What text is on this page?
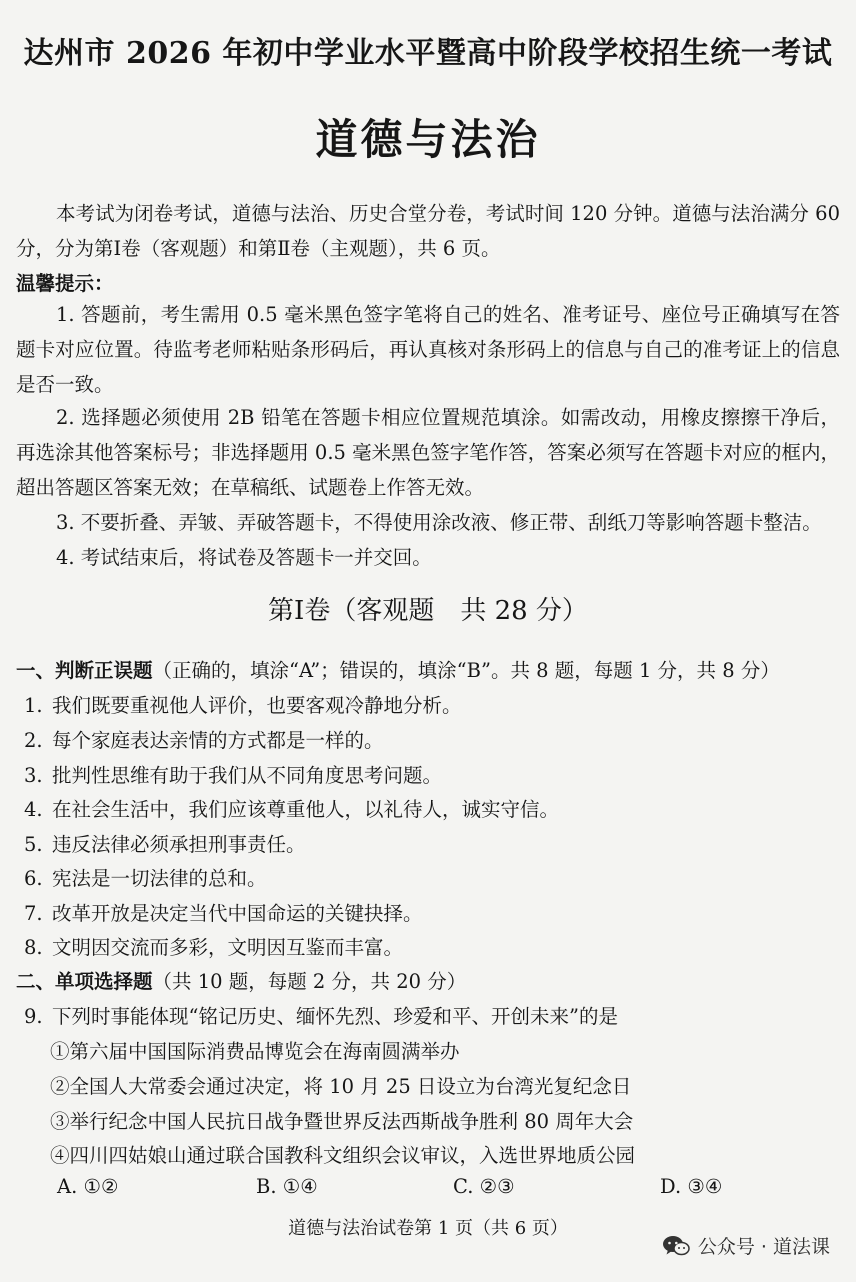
达州市 2026 年初中学业水平暨高中阶段学校招生统一考试
道德与法治
本考试为闭卷考试，道德与法治、历史合堂分卷，考试时间 120 分钟。道德与法治满分 60 分，分为第Ⅰ卷（客观题）和第Ⅱ卷（主观题），共 6 页。
温馨提示：
1. 答题前，考生需用 0.5 毫米黑色签字笔将自己的姓名、准考证号、座位号正确填写在答题卡对应位置。待监考老师粘贴条形码后，再认真核对条形码上的信息与自己的准考证上的信息是否一致。
2. 选择题必须使用 2B 铅笔在答题卡相应位置规范填涂。如需改动，用橡皮擦擦干净后，再选涂其他答案标号；非选择题用 0.5 毫米黑色签字笔作答，答案必须写在答题卡对应的框内，超出答题区答案无效；在草稿纸、试题卷上作答无效。
3. 不要折叠、弄皱、弄破答题卡，不得使用涂改液、修正带、刮纸刀等影响答题卡整洁。
4. 考试结束后，将试卷及答题卡一并交回。
第Ⅰ卷（客观题　共 28 分）
一、判断正误题（正确的，填涂“A”；错误的，填涂“B”。共 8 题，每题 1 分，共 8 分）
1. 我们既要重视他人评价，也要客观冷静地分析。
2. 每个家庭表达亲情的方式都是一样的。
3. 批判性思维有助于我们从不同角度思考问题。
4. 在社会生活中，我们应该尊重他人，以礼待人，诚实守信。
5. 违反法律必须承担刑事责任。
6. 宪法是一切法律的总和。
7. 改革开放是决定当代中国命运的关键抉择。
8. 文明因交流而多彩，文明因互鉴而丰富。
二、单项选择题（共 10 题，每题 2 分，共 20 分）
9. 下列时事能体现“铭记历史、缅怀先烈、珍爱和平、开创未来”的是
①第六届中国国际消费品博览会在海南圆满举办
②全国人大常委会通过决定，将 10 月 25 日设立为台湾光复纪念日
③举行纪念中国人民抗日战争暨世界反法西斯战争胜利 80 周年大会
④四川四姑娘山通过联合国教科文组织会议审议，入选世界地质公园
A. ①②	B. ①④	C. ②③	D. ③④
道德与法治试卷第 1 页（共 6 页）
公众号 · 道法课
